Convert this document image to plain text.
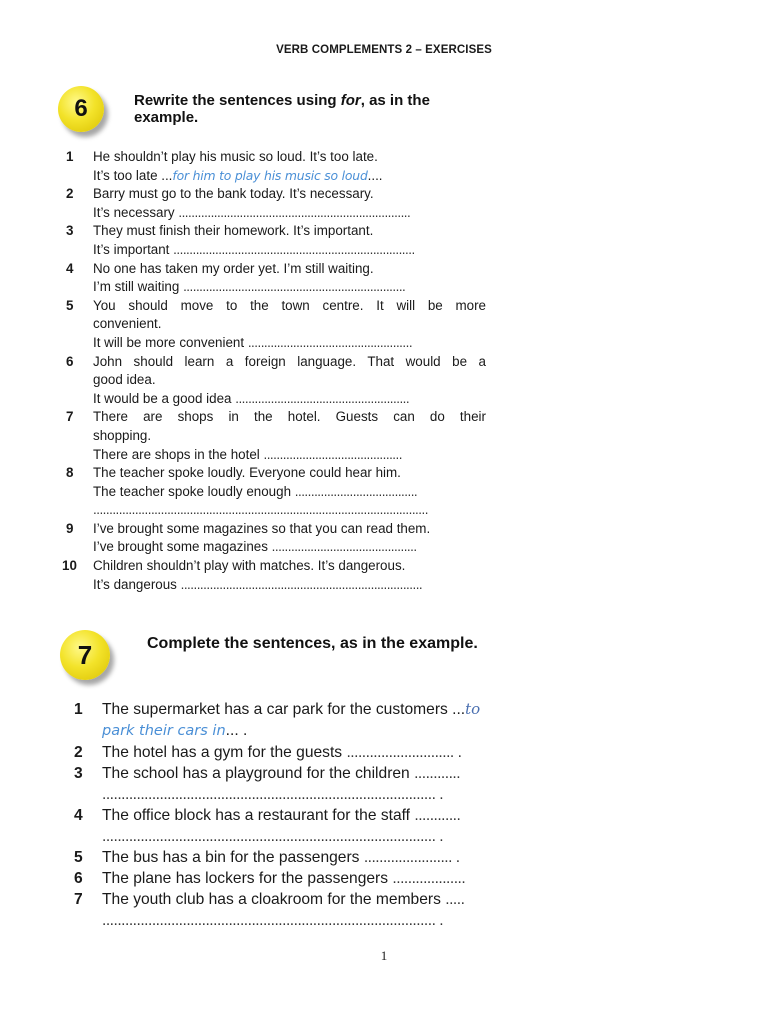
VERB COMPLEMENTS 2 – EXERCISES
6	Rewrite the sentences using for, as in the example.
1	He shouldn’t play his music so loud. It’s too late.
It’s too late ...for him to play his music so loud....
2	Barry must go to the bank today. It’s necessary.
It’s necessary ........................................................................
3	They must finish their homework. It’s important.
It’s important ...........................................................................
4	No one has taken my order yet. I’m still waiting.
I’m still waiting .....................................................................
5	You should move to the town centre. It will be more
convenient.
It will be more convenient ...................................................
6	John should learn a foreign language. That would be a
good idea.
It would be a good idea ......................................................
7	There are shops in the hotel. Guests can do their
shopping.
There are shops in the hotel ...........................................
8	The teacher spoke loudly. Everyone could hear him.
The teacher spoke loudly enough ......................................
........................................................................................................
9	I’ve brought some magazines so that you can read them.
I’ve brought some magazines .............................................
10	Children shouldn’t play with matches. It’s dangerous.
It’s dangerous ...........................................................................
7	Complete the sentences, as in the example.
1	The supermarket has a car park for the customers ...to
park their cars in... .
2	The hotel has a gym for the guests ............................ .
3	The school has a playground for the children ............
....................................................................................... .
4	The office block has a restaurant for the staff ............
....................................................................................... .
5	The bus has a bin for the passengers ....................... .
6	The plane has lockers for the passengers ...................
7	The youth club has a cloakroom for the members .....
....................................................................................... .
1
